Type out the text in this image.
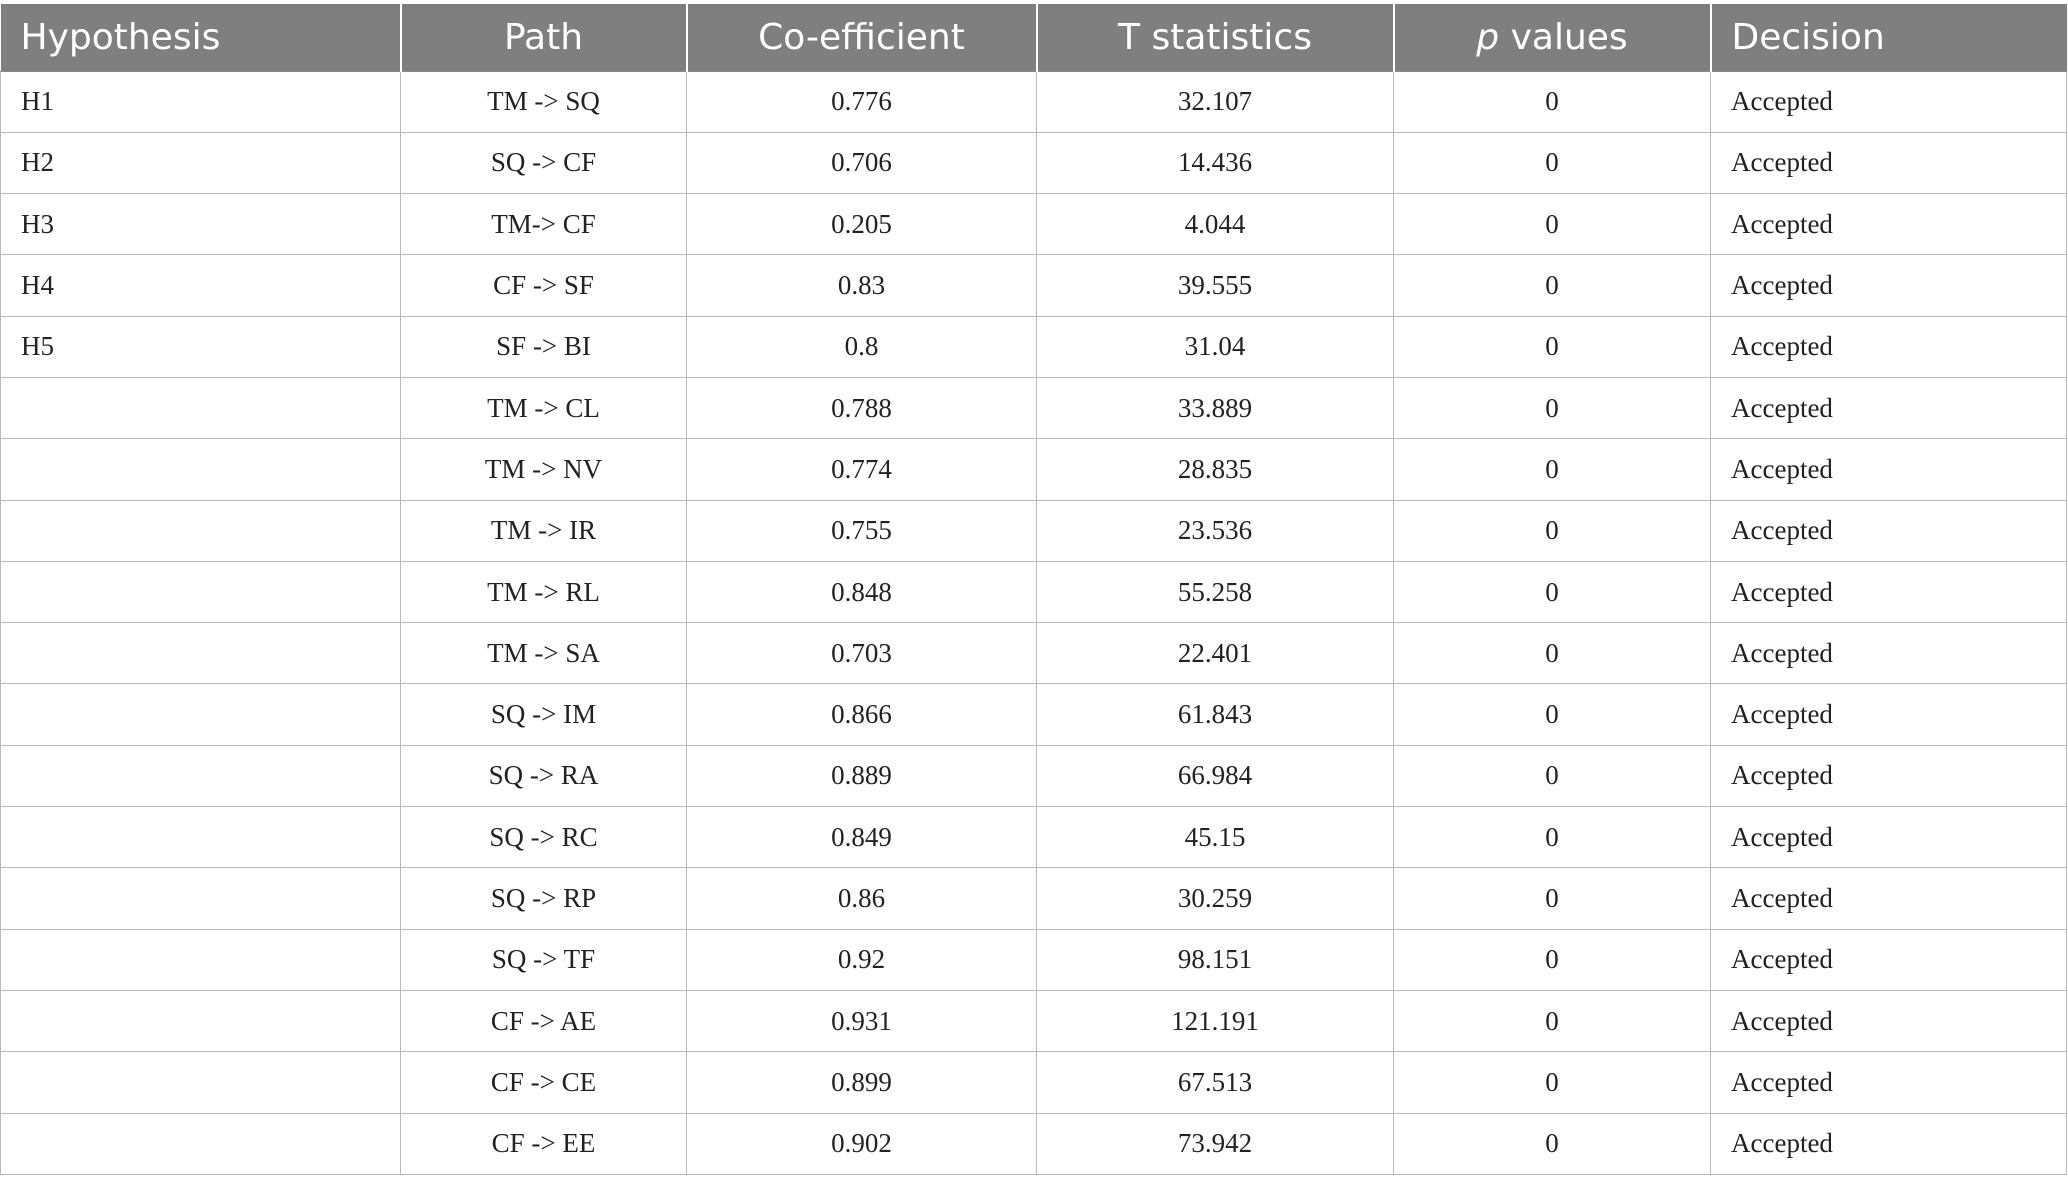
Hypothesis	Path	Co-efficient	T statistics	p values	Decision
H1	TM -> SQ	0.776	32.107	0	Accepted
H2	SQ -> CF	0.706	14.436	0	Accepted
H3	TM-> CF	0.205	4.044	0	Accepted
H4	CF -> SF	0.83	39.555	0	Accepted
H5	SF -> BI	0.8	31.04	0	Accepted
	TM -> CL	0.788	33.889	0	Accepted
	TM -> NV	0.774	28.835	0	Accepted
	TM -> IR	0.755	23.536	0	Accepted
	TM -> RL	0.848	55.258	0	Accepted
	TM -> SA	0.703	22.401	0	Accepted
	SQ -> IM	0.866	61.843	0	Accepted
	SQ -> RA	0.889	66.984	0	Accepted
	SQ -> RC	0.849	45.15	0	Accepted
	SQ -> RP	0.86	30.259	0	Accepted
	SQ -> TF	0.92	98.151	0	Accepted
	CF -> AE	0.931	121.191	0	Accepted
	CF -> CE	0.899	67.513	0	Accepted
	CF -> EE	0.902	73.942	0	Accepted
